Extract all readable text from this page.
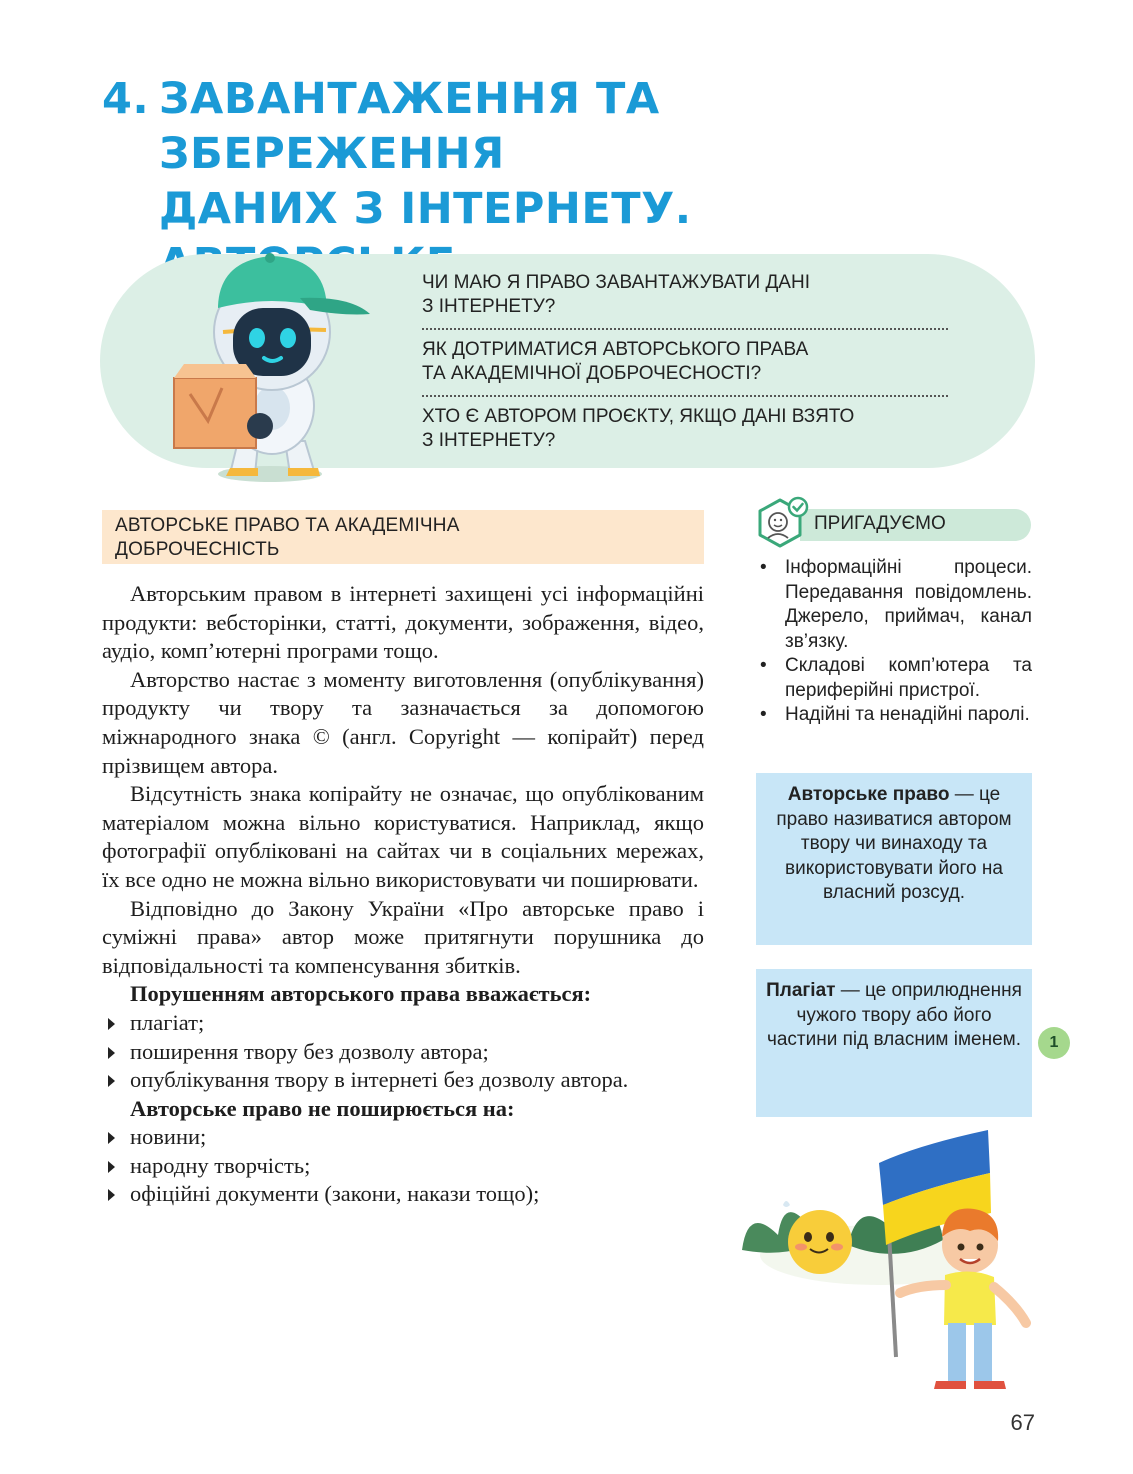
4. ЗАВАНТАЖЕННЯ ТА ЗБЕРЕЖЕННЯ
ДАНИХ З ІНТЕРНЕТУ.
ЧИ МАЮ Я ПРАВО ЗАВАНТАЖУВАТИ ДАНІ
З ІНТЕРНЕТУ?
ЯК ДОТРИМАТИСЯ АВТОРСЬКОГО ПРАВА
ТА АКАДЕМІЧНОЇ ДОБРОЧЕСНОСТІ?
ХТО Є АВТОРОМ ПРОЄКТУ, ЯКЩО ДАНІ ВЗЯТО
З ІНТЕРНЕТУ?
АВТОРСЬКЕ ПРАВО ТА АКАДЕМІЧНА
ДОБРОЧЕСНІСТЬ

Авторським правом в інтернеті захищені усі інформаційні продукти: вебсторінки, статті, документи, зображення, відео, аудіо, комп’ютерні програми тощо.

Авторство настає з моменту виготовлення (опублікування) продукту чи твору та зазначається за допомогою міжнародного знака © (англ. Copyright — копірайт) перед прізвищем автора.

Відсутність знака копірайту не означає, що опублікованим матеріалом можна вільно користуватися. Наприклад, якщо фотографії опубліковані на сайтах чи в соціальних мережах, їх все одно не можна вільно використовувати чи поширювати.

Відповідно до Закону України «Про авторське право і суміжні права» автор може притягнути порушника до відповідальності та компенсування збитків.

Порушенням авторського права вважається:

плагіат;
поширення твору без дозволу автора;
опублікування твору в інтернеті без дозволу автора.

Авторське право не поширюється на:

новини;
народну творчість;
офіційні документи (закони, накази тощо);
ПРИГАДУЄМО
• Інформаційні процеси. Передавання повідомлень. Джерело, приймач, канал зв’язку.
• Складові комп’ютера та периферійні пристрої.
• Надійні та ненадійні паролі.
Авторське право — це право називатися автором твору чи винаходу та використовувати його на власний розсуд.
Плагіат — це оприлюднення чужого твору або його частини під власним іменем.	1
67
